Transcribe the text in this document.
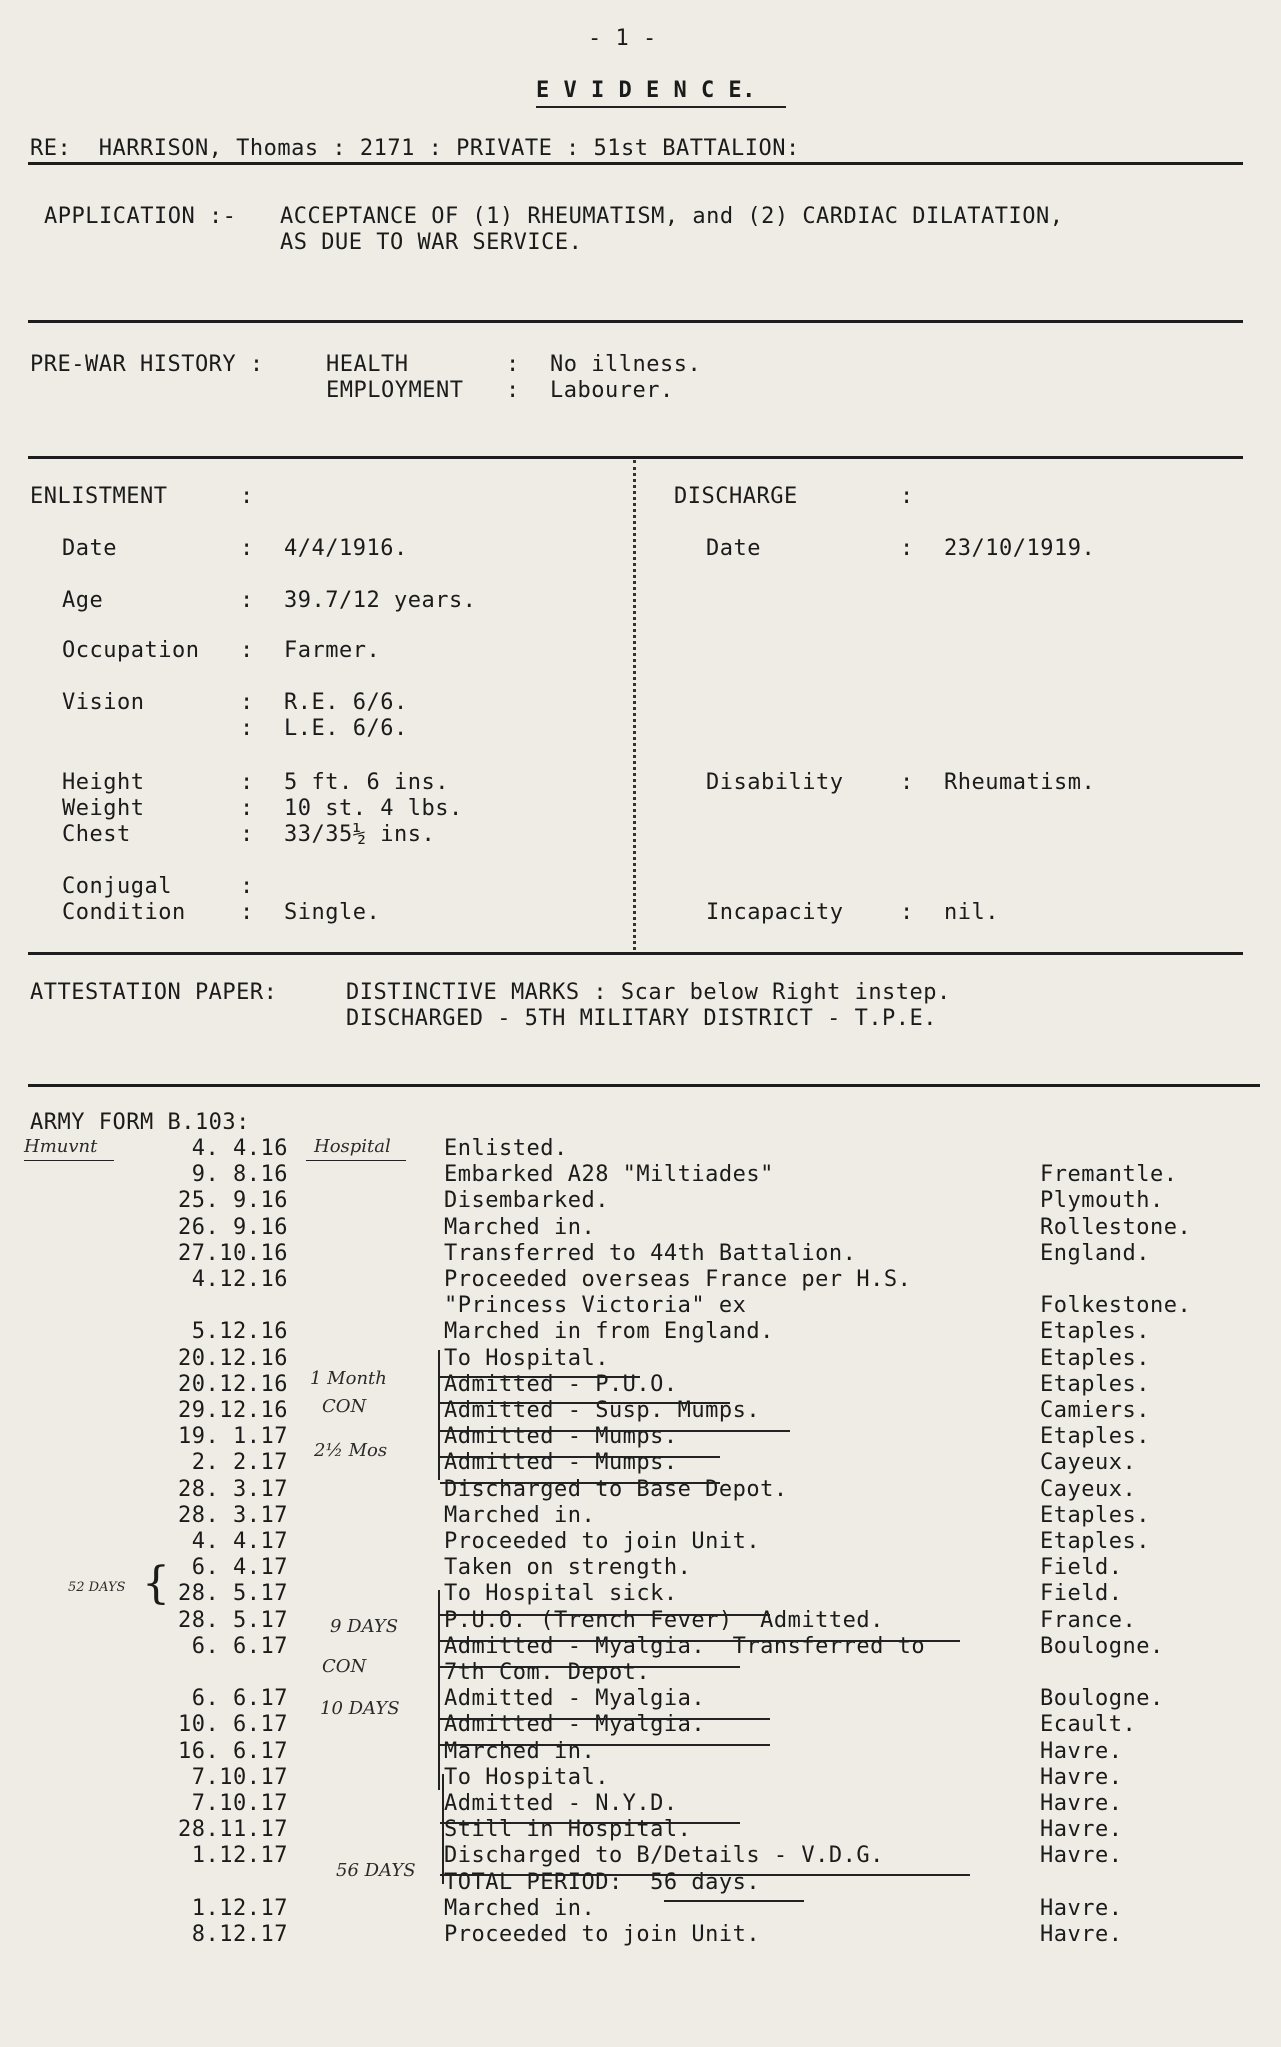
- 1 -
E V I D E N C E.
RE:  HARRISON, Thomas : 2171 : PRIVATE : 51st BATTALION:
APPLICATION :- ACCEPTANCE OF (1) RHEUMATISM, and (2) CARDIAC DILATATION,
AS DUE TO WAR SERVICE.
PRE-WAR HISTORY :	HEALTH	: No illness.
EMPLOYMENT : Labourer.
ENLISTMENT	:
Date	: 4/4/1916.
Age	: 39.7/12 years.
Occupation : Farmer.
Vision	: R.E. 6/6.
: L.E. 6/6.
Height	: 5 ft. 6 ins.
Weight	: 10 st. 4 lbs.
Chest	: 33/35½ ins.
Conjugal	:
Condition : Single.
DISCHARGE	:
Date	: 23/10/1919.
Disability	: Rheumatism.
Incapacity	: nil.
ATTESTATION PAPER:	DISTINCTIVE MARKS : Scar below Right instep.
DISCHARGED - 5TH MILITARY DISTRICT - T.P.E.
ARMY FORM B.103:
4. 4.16	Enlisted.
9. 8.16	Embarked A28 "Miltiades"	Fremantle.
25. 9.16	Disembarked.	Plymouth.
26. 9.16	Marched in.	Rollestone.
27.10.16	Transferred to 44th Battalion.	England.
4.12.16	Proceeded overseas France per H.S.
"Princess Victoria" ex	Folkestone.
5.12.16	Marched in from England.	Etaples.
20.12.16	To Hospital.	Etaples.
20.12.16	Admitted - P.U.O.	Etaples.
29.12.16	Admitted - Susp. Mumps.	Camiers.
19. 1.17	Admitted - Mumps.	Etaples.
2. 2.17	Admitted - Mumps.	Cayeux.
28. 3.17	Discharged to Base Depot.	Cayeux.
28. 3.17	Marched in.	Etaples.
4. 4.17	Proceeded to join Unit.	Etaples.
6. 4.17	Taken on strength.	Field.
28. 5.17	To Hospital sick.	Field.
28. 5.17	P.U.O. (Trench Fever)  Admitted.	France.
6. 6.17	Admitted - Myalgia.  Transferred to	Boulogne.
7th Com. Depot.
6. 6.17	Admitted - Myalgia.	Boulogne.
10. 6.17	Admitted - Myalgia.	Ecault.
16. 6.17	Marched in.	Havre.
7.10.17	To Hospital.	Havre.
7.10.17	Admitted - N.Y.D.	Havre.
28.11.17	Still in Hospital.	Havre.
1.12.17	Discharged to B/Details - V.D.G.	Havre.
TOTAL PERIOD:  56 days.
1.12.17	Marched in.	Havre.
8.12.17	Proceeded to join Unit.	Havre.
Hmuvnt	Hospital
1 Month
CON
2½ Mos
52 DAYS {
9 DAYS
CON
10 DAYS
56 DAYS
